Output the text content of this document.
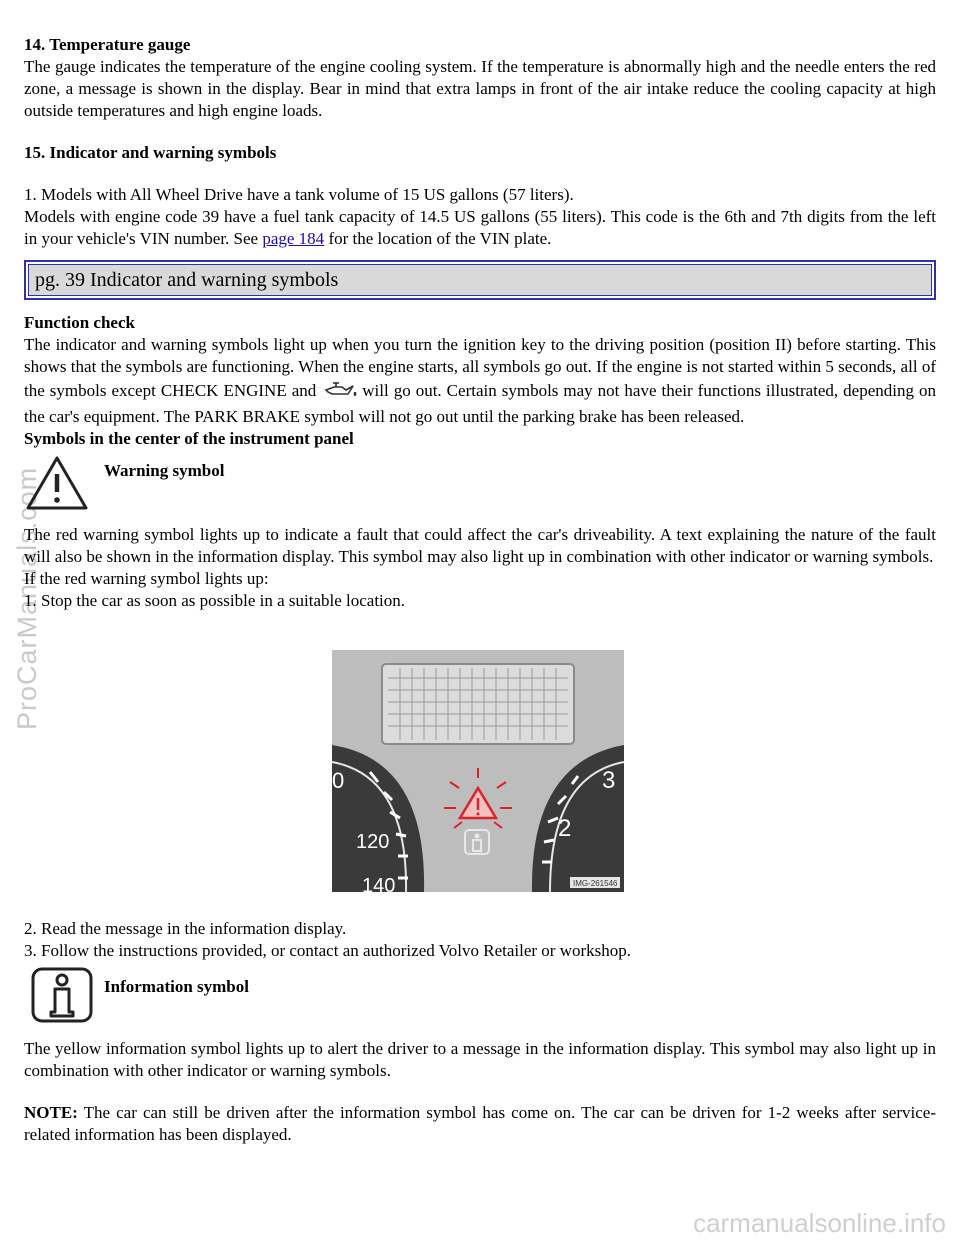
ProCarManuals.com
carmanualsonline.info

14. Temperature gauge

The gauge indicates the temperature of the engine cooling system. If the temperature is abnormally high and the needle enters the red zone, a message is shown in the display. Bear in mind that extra lamps in front of the air intake reduce the cooling capacity at high outside temperatures and high engine loads.

15. Indicator and warning symbols

1. Models with All Wheel Drive have a tank volume of 15 US gallons (57 liters).

Models with engine code 39 have a fuel tank capacity of 14.5 US gallons (55 liters). This code is the 6th and 7th digits from the left in your vehicle's VIN number. See page 184 for the location of the VIN plate.

pg. 39 Indicator and warning symbols

Function check

The indicator and warning symbols light up when you turn the ignition key to the driving position (position II) before starting. This shows that the symbols are functioning. When the engine starts, all symbols go out. If the engine is not started within 5 seconds, all of the symbols except CHECK ENGINE and	will go out. Certain symbols may not have their functions illustrated, depending on the car's equipment. The PARK BRAKE symbol will not go out until the parking brake has been released.

Symbols in the center of the instrument panel

Warning symbol

The red warning symbol lights up to indicate a fault that could affect the car's driveability. A text explaining the nature of the fault will also be shown in the information display. This symbol may also light up in combination with other indicator or warning symbols.

If the red warning symbol lights up:

1. Stop the car as soon as possible in a suitable location.

0
120
140
3
2
IMG-261546

2. Read the message in the information display.

3. Follow the instructions provided, or contact an authorized Volvo Retailer or workshop.

Information symbol

The yellow information symbol lights up to alert the driver to a message in the information display. This symbol may also light up in combination with other indicator or warning symbols.

NOTE: The car can still be driven after the information symbol has come on. The car can be driven for 1-2 weeks after service-related information has been displayed.
